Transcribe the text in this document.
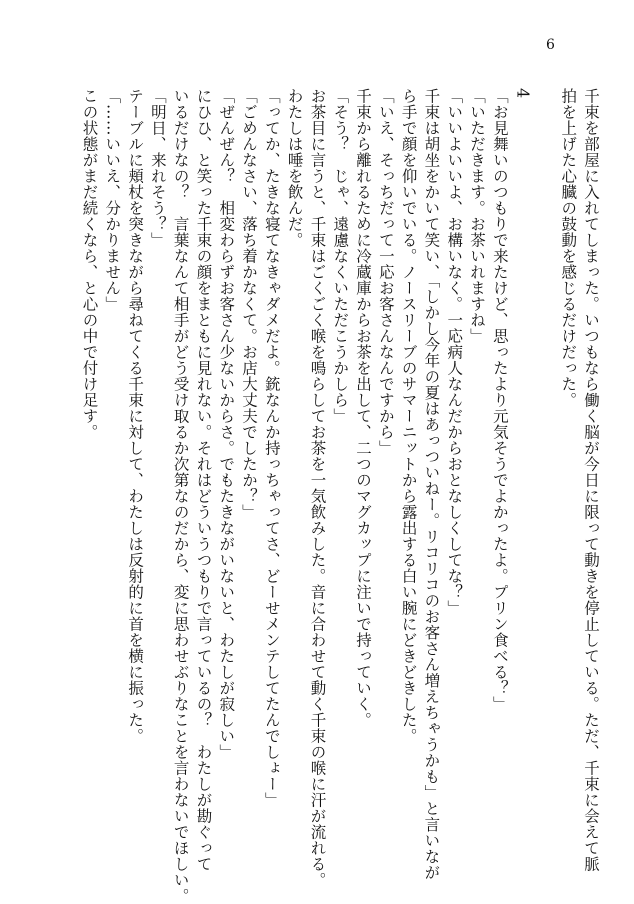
6
千束を部屋に入れてしまった。いつもなら働く脳が今日に限って動きを停止している。ただ、千束に会えて脈
拍を上げた心臓の鼓動を感じるだけだった。
4
「お見舞いのつもりで来たけど、思ったより元気そうでよかったよ。プリン食べる？」
「いただきます。お茶いれますね」
「いいよいいよ、お構いなく。一応病人なんだからおとなしくしてな？」
千束は胡坐をかいて笑い、「しかし今年の夏はあっついねー。リコリコのお客さん増えちゃうかも」と言いなが
ら手で顔を仰いでいる。ノースリーブのサマーニットから露出する白い腕にどきどきした。
「いえ、そっちだって一応お客さんなんですから」
千束から離れるために冷蔵庫からお茶を出して、二つのマグカップに注いで持っていく。
「そう？　じゃ、遠慮なくいただこうかしら」
お茶目に言うと、千束はごくごく喉を鳴らしてお茶を一気飲みした。音に合わせて動く千束の喉に汗が流れる。
わたしは唾を飲んだ。
「ってか、たきな寝てなきゃダメだよ。銃なんか持っちゃってさ、どーせメンテしてたんでしょー」
「ごめんなさい、落ち着かなくて。お店大丈夫でしたか？」
「ぜんぜん？　相変わらずお客さん少ないからさ。でもたきながいないと、わたしが寂しい」
にひひ、と笑った千束の顔をまともに見れない。それはどういうつもりで言っているの？　わたしが勘ぐって
いるだけなの？　言葉なんて相手がどう受け取るか次第なのだから、変に思わせぶりなことを言わないでほしい。
「明日、来れそう？」
テーブルに頬杖を突きながら尋ねてくる千束に対して、わたしは反射的に首を横に振った。
「……いいえ、分かりません」
この状態がまだ続くなら、と心の中で付け足す。
